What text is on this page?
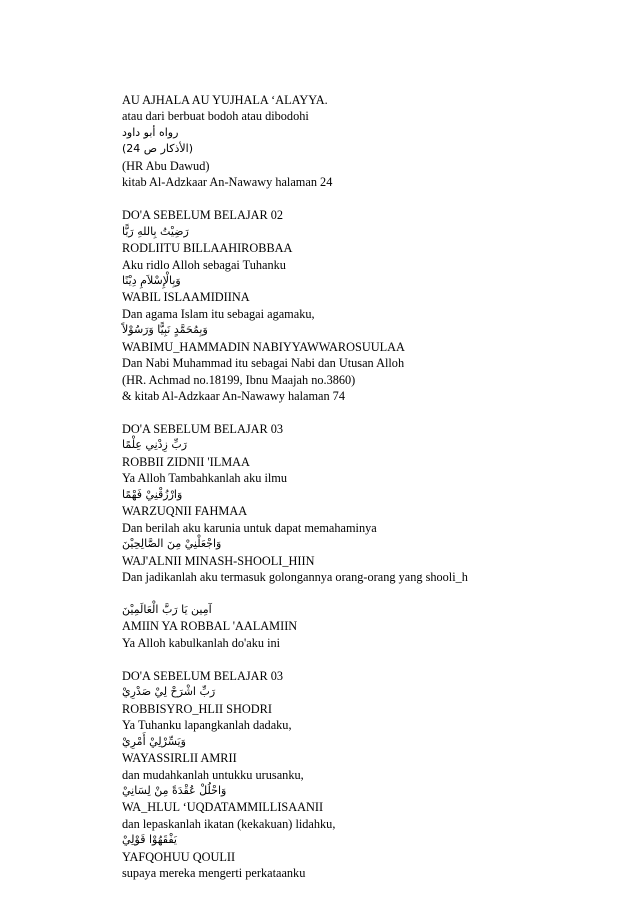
AU AJHALA AU YUJHALA ‘ALAYYA.
atau dari berbuat bodoh atau dibodohi
رواه أبو داود
(الأذكار ص 24)
(HR Abu Dawud)
kitab Al-Adzkaar An-Nawawy halaman 24
DO'A SEBELUM BELAJAR 02
رَضِيْتُ بِاللهِ رَبًّا
RODLIITU BILLAAHIROBBAA
Aku ridlo Alloh sebagai Tuhanku
وَبِالْإِسْلاَمِ دِيْنًا
WABIL ISLAAMIDIINA
Dan agama Islam itu sebagai agamaku,
وَبِمُحَمَّدٍ نَبِيًّا وَرَسُوْلاً
WABIMU_HAMMADIN NABIYYAWWAROSUULAA
Dan Nabi Muhammad itu sebagai Nabi dan Utusan Alloh
(HR. Achmad no.18199, Ibnu Maajah no.3860)
& kitab Al-Adzkaar An-Nawawy halaman 74
DO'A SEBELUM BELAJAR 03
رَبِّ زِدْنِي عِلْمًا
ROBBII ZIDNII 'ILMAA
Ya Alloh Tambahkanlah aku ilmu
وَارْزُقْنِيْ فَهْمًا
WARZUQNII FAHMAA
Dan berilah aku karunia untuk dapat memahaminya
وَاجْعَلْنِيْ مِنَ الصَّالِحِيْنَ
WAJ'ALNII MINASH-SHOOLI_HIIN
Dan jadikanlah aku termasuk golongannya orang-orang yang shooli_h
آمِين يَا رَبَّ الْعَالَمِيْنَ
AMIIN YA ROBBAL 'AALAMIIN
Ya Alloh kabulkanlah do'aku ini
DO'A SEBELUM BELAJAR 03
رَبِّ اشْرَحْ لِيْ صَدْرِيْ
ROBBISYRO_HLII SHODRI
Ya Tuhanku lapangkanlah dadaku,
وَيَسِّرْلِيْ أَمْرِيْ
WAYASSIRLII AMRII
dan mudahkanlah untukku urusanku,
وَاحْلُلْ عُقْدَةً مِنْ لِسَانِيْ
WA_HLUL ‘UQDATAMMILLISAANII
dan lepaskanlah ikatan (kekakuan) lidahku,
يَفْقَهُوْا قَوْلِيْ
YAFQOHUU QOULII
supaya mereka mengerti perkataanku
